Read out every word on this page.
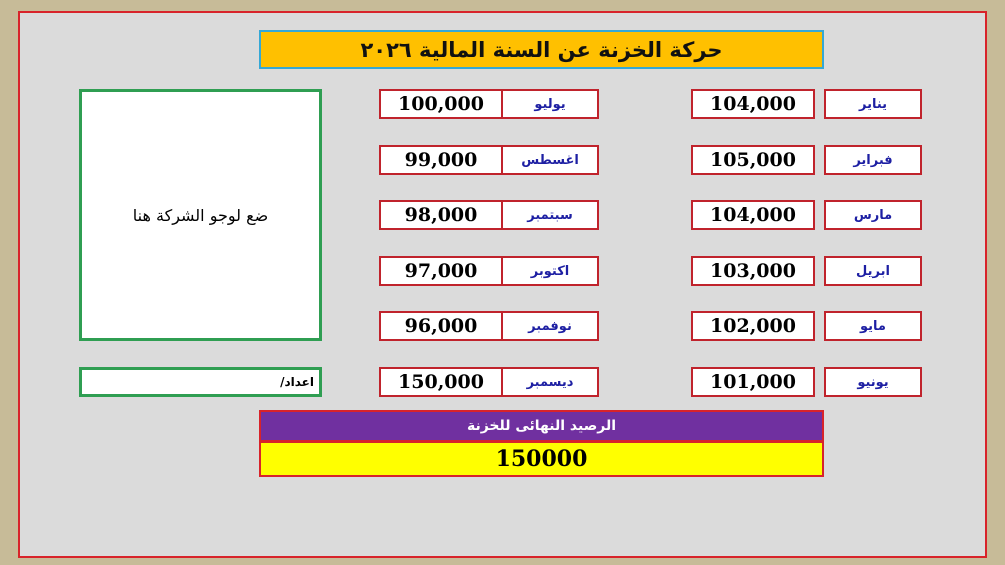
حركة الخزنة عن السنة المالية ٢٠٢٦
104,000	يناير
105,000	فبراير
104,000	مارس
103,000	ابريل
102,000	مايو
101,000	يونيو
100,000	يوليو
99,000	اغسطس
98,000	سبتمبر
97,000	اكتوبر
96,000	نوفمبر
150,000	ديسمبر
ضع لوجو الشركة هنا
اعداد/
الرصيد النهائى للخزنة
150000
